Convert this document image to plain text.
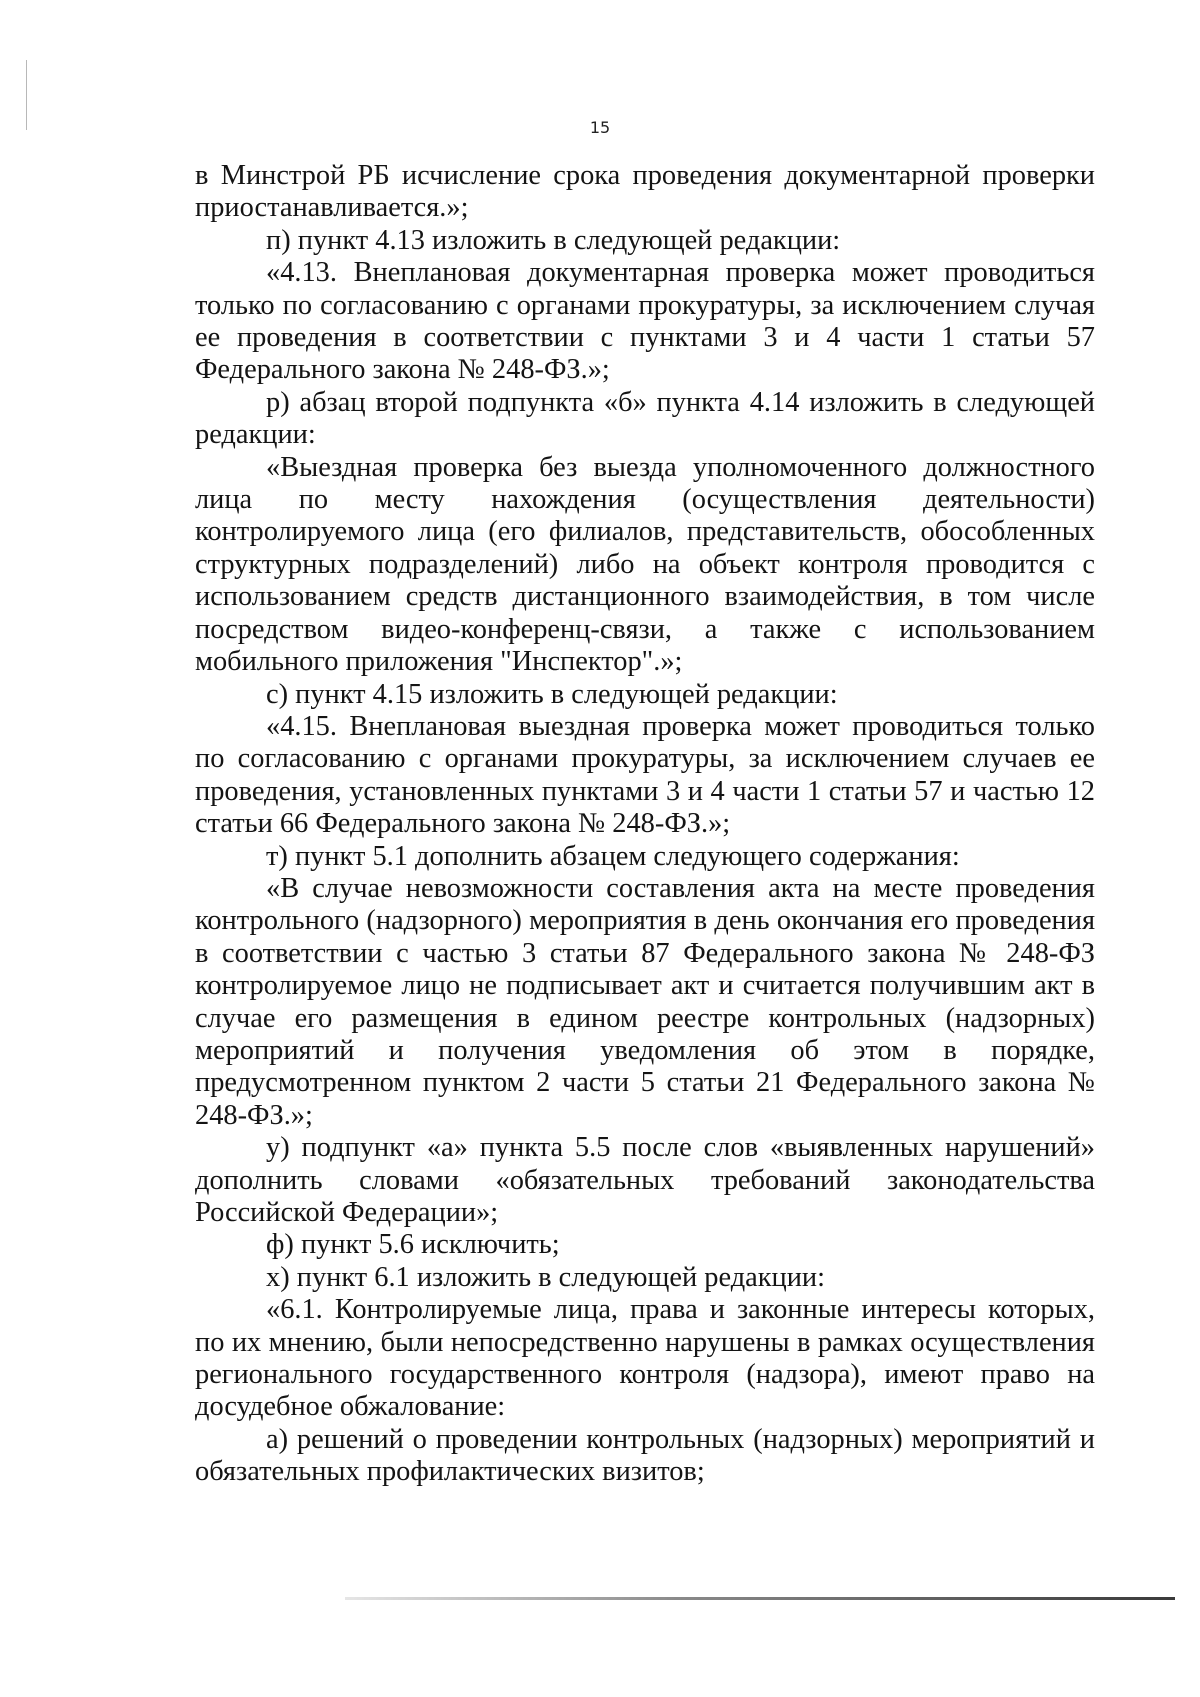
15

в Минстрой РБ исчисление срока проведения документарной проверки приостанавливается.»;

п) пункт 4.13 изложить в следующей редакции:

«4.13. Внеплановая документарная проверка может проводиться только по согласованию с органами прокуратуры, за исключением случая ее проведения в соответствии с пунктами 3 и 4 части 1 статьи 57 Федерального закона № 248-ФЗ.»;

р) абзац второй подпункта «б» пункта 4.14 изложить в следующей редакции:

«Выездная проверка без выезда уполномоченного должностного лица по месту нахождения (осуществления деятельности) контролируемого лица (его филиалов, представительств, обособленных структурных подразделений) либо на объект контроля проводится с использованием средств дистанционного взаимодействия, в том числе посредством видео-конференц-связи, а также с использованием мобильного приложения "Инспектор".»;

с) пункт 4.15 изложить в следующей редакции:

«4.15. Внеплановая выездная проверка может проводиться только по согласованию с органами прокуратуры, за исключением случаев ее проведения, установленных пунктами 3 и 4 части 1 статьи 57 и частью 12 статьи 66 Федерального закона № 248-ФЗ.»;

т) пункт 5.1 дополнить абзацем следующего содержания:

«В случае невозможности составления акта на месте проведения контрольного (надзорного) мероприятия в день окончания его проведения в соответствии с частью 3 статьи 87 Федерального закона № 248-ФЗ контролируемое лицо не подписывает акт и считается получившим акт в случае его размещения в едином реестре контрольных (надзорных) мероприятий и получения уведомления об этом в порядке, предусмотренном пунктом 2 части 5 статьи 21 Федерального закона № 248-ФЗ.»;

у) подпункт «а» пункта 5.5 после слов «выявленных нарушений» дополнить словами «обязательных требований законодательства Российской Федерации»;

ф) пункт 5.6 исключить;

х) пункт 6.1 изложить в следующей редакции:

«6.1. Контролируемые лица, права и законные интересы которых, по их мнению, были непосредственно нарушены в рамках осуществления регионального государственного контроля (надзора), имеют право на досудебное обжалование:

а) решений о проведении контрольных (надзорных) мероприятий и обязательных профилактических визитов;
